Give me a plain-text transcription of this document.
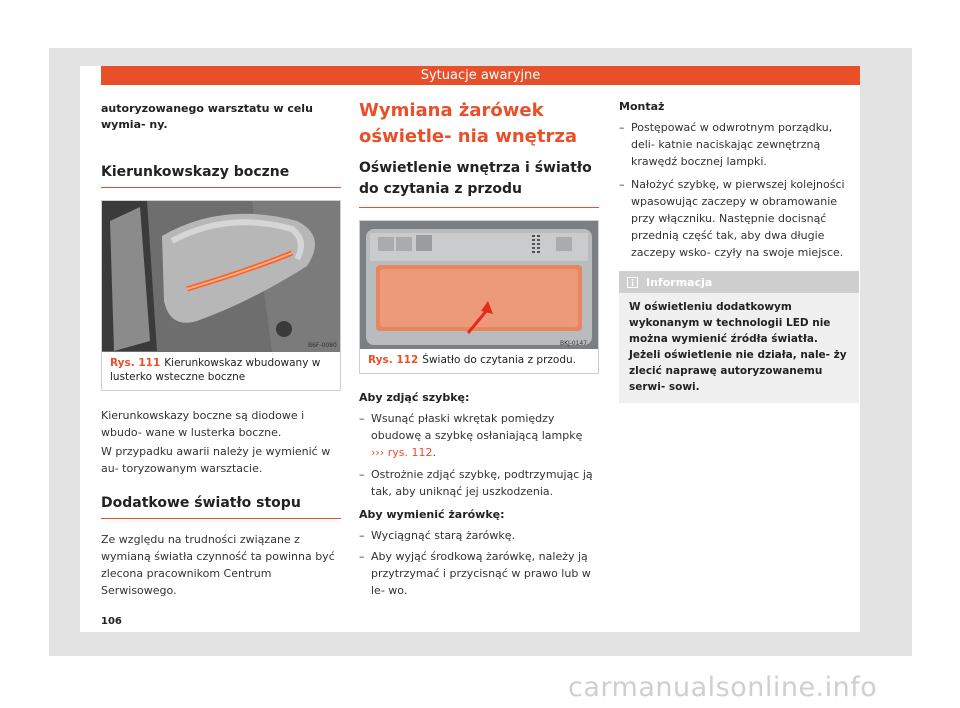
Sytuacje awaryjne
autoryzowanego warsztatu w celu wymia- ny.
Kierunkowskazy boczne
B6F-0080
Rys. 111 Kierunkowskaz wbudowany w lusterko wsteczne boczne

Kierunkowskazy boczne są diodowe i wbudo- wane w lusterka boczne.

W przypadku awarii należy je wymienić w au- toryzowanym warsztacie.

Dodatkowe światło stopu

Ze względu na trudności związane z wymianą światła czynność ta powinna być zlecona pracownikom Centrum Serwisowego.

Wymiana żarówek oświetle- nia wnętrza
Oświetlenie wnętrza i światło do czytania z przodu
BKJ-0147
Rys. 112 Światło do czytania z przodu.
Aby zdjąć szybkę:
– Wsunąć płaski wkrętak pomiędzy obudowę a szybkę osłaniającą lampkę ››› rys. 112.
– Ostrożnie zdjąć szybkę, podtrzymując ją tak, aby uniknąć jej uszkodzenia.
Aby wymienić żarówkę:
– Wyciągnąć starą żarówkę.
– Aby wyjąć środkową żarówkę, należy ją przytrzymać i przycisnąć w prawo lub w le- wo.
Montaż
– Postępować w odwrotnym porządku, deli- katnie naciskając zewnętrzną krawędź bocznej lampki.
– Nałożyć szybkę, w pierwszej kolejności wpasowując zaczepy w obramowanie przy włączniku. Następnie docisnąć przednią część tak, aby dwa długie zaczepy wsko- czyły na swoje miejsce.
Informacja
W oświetleniu dodatkowym wykonanym w technologii LED nie można wymienić źródła światła. Jeżeli oświetlenie nie działa, nale- ży zlecić naprawę autoryzowanemu serwi- sowi.
106
carmanualsonline.info
